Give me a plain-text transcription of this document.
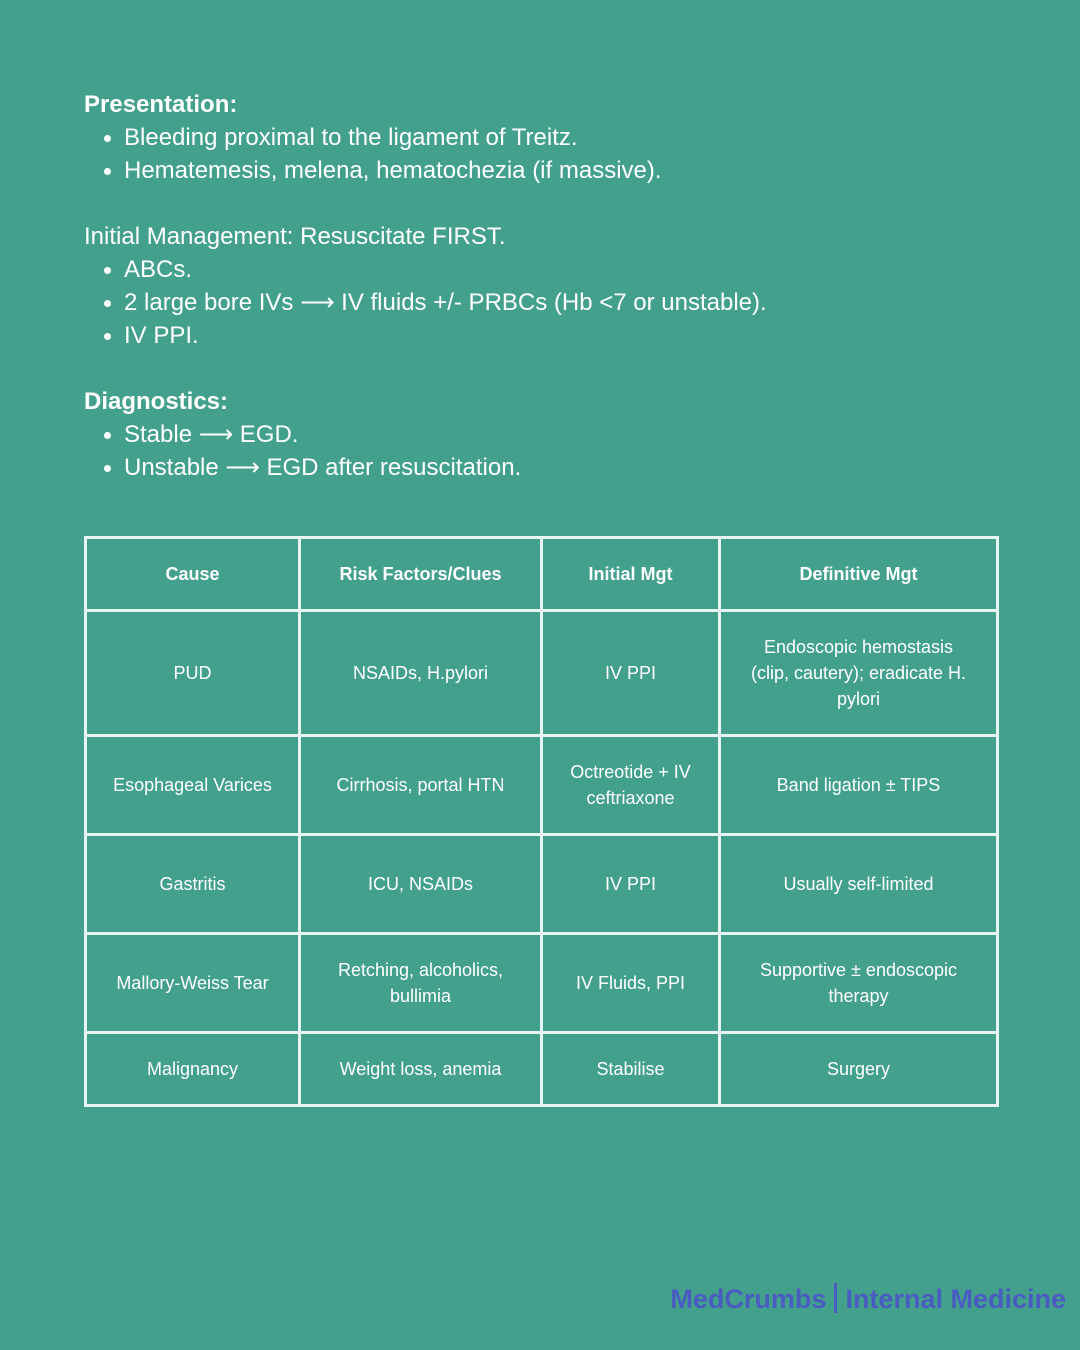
Presentation:

Bleeding proximal to the ligament of Treitz.
Hematemesis, melena, hematochezia (if massive).

Initial Management: Resuscitate FIRST.

ABCs.
2 large bore IVs ⟶ IV fluids +/- PRBCs (Hb <7 or unstable).
IV PPI.

Diagnostics:

Stable ⟶ EGD.
Unstable ⟶ EGD after resuscitation.
Cause	Risk Factors/Clues	Initial Mgt	Definitive Mgt
PUD	NSAIDs, H.pylori	IV PPI	Endoscopic hemostasis (clip, cautery); eradicate H. pylori
Esophageal Varices	Cirrhosis, portal HTN	Octreotide + IV ceftriaxone	Band ligation ± TIPS
Gastritis	ICU, NSAIDs	IV PPI	Usually self-limited
Mallory-Weiss Tear	Retching, alcoholics, bullimia	IV Fluids, PPI	Supportive ± endoscopic therapy
Malignancy	Weight loss, anemia	Stabilise	Surgery
MedCrumbs Internal Medicine
